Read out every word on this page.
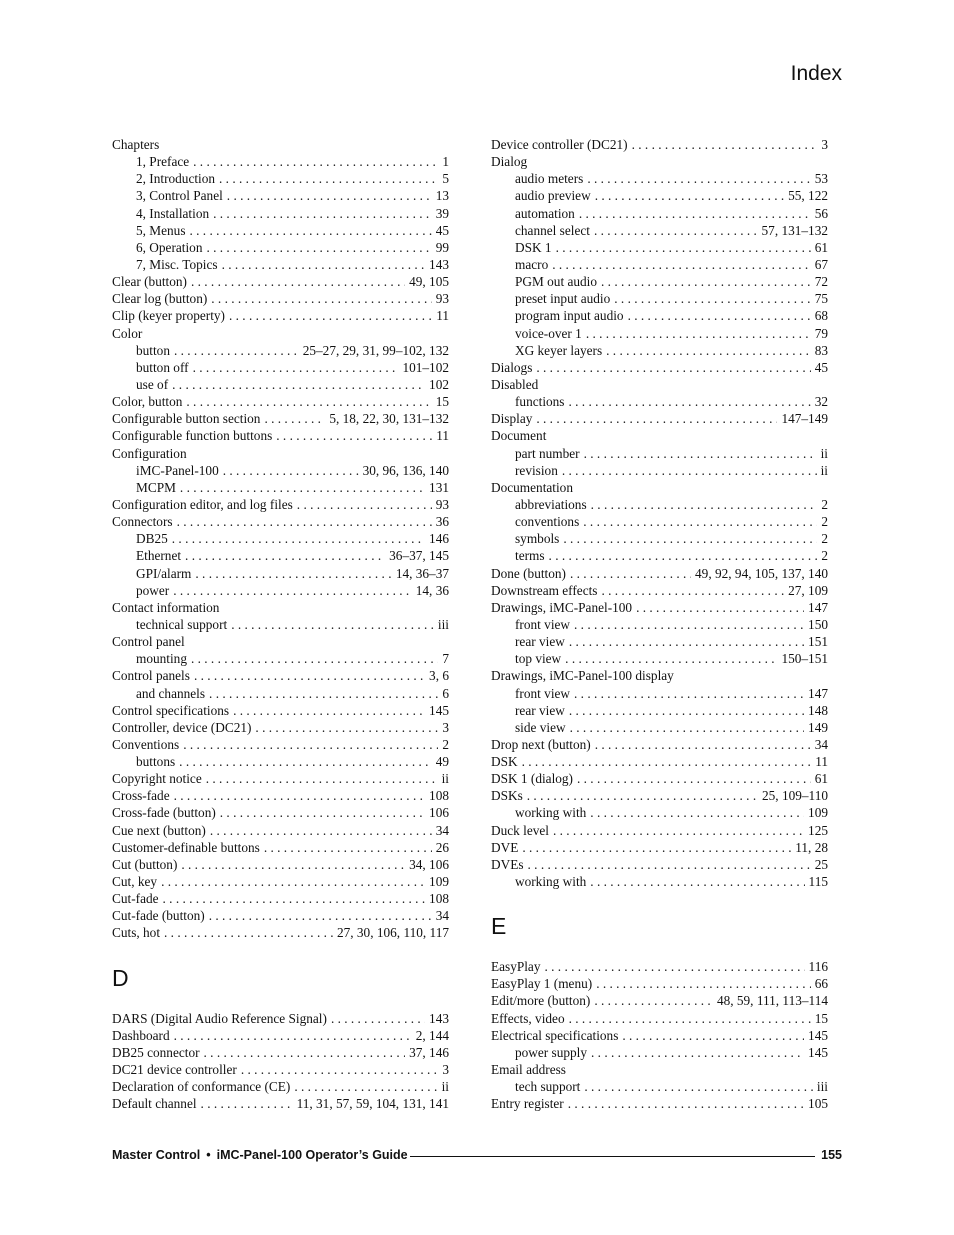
Index
Chapters
1, Preface . . .	1
2, Introduction . . .	5
3, Control Panel . . .	13
4, Installation . . .	39
5, Menus . . .	45
6, Operation . . .	99
7, Misc. Topics . . .	143
Clear (button) . . .	49, 105
Clear log (button) . . .	93
Clip (keyer property) . . .	11
Color
button . . .	25–27, 29, 31, 99–102, 132
button off . . .	101–102
use of . . .	102
Color, button . . .	15
Configurable button section . . .	5, 18, 22, 30, 131–132
Configurable function buttons . . .	11
Configuration
iMC-Panel-100 . . .	30, 96, 136, 140
MCPM . . .	131
Configuration editor, and log files . . .	93
Connectors . . .	36
DB25 . . .	146
Ethernet . . .	36–37, 145
GPI/alarm . . .	14, 36–37
power . . .	14, 36
Contact information
technical support . . .	iii
Control panel
mounting . . .	7
Control panels . . .	3, 6
and channels . . .	6
Control specifications . . .	145
Controller, device (DC21) . . .	3
Conventions . . .	2
buttons . . .	49
Copyright notice . . .	ii
Cross-fade . . .	108
Cross-fade (button) . . .	106
Cue next (button) . . .	34
Customer-definable buttons . . .	26
Cut (button) . . .	34, 106
Cut, key . . .	109
Cut-fade . . .	108
Cut-fade (button) . . .	34
Cuts, hot . . .	27, 30, 106, 110, 117
D
DARS (Digital Audio Reference Signal) . . .	143
Dashboard . . .	2, 144
DB25 connector . . .	37, 146
DC21 device controller . . .	3
Declaration of conformance (CE) . . .	ii
Default channel . . .	11, 31, 57, 59, 104, 131, 141
Device controller (DC21) . . .	3
Dialog
audio meters . . .	53
audio preview . . .	55, 122
automation . . .	56
channel select . . .	57, 131–132
DSK 1 . . .	61
macro . . .	67
PGM out audio . . .	72
preset input audio . . .	75
program input audio . . .	68
voice-over 1 . . .	79
XG keyer layers . . .	83
Dialogs . . .	45
Disabled
functions . . .	32
Display . . .	147–149
Document
part number . . .	ii
revision . . .	ii
Documentation
abbreviations . . .	2
conventions . . .	2
symbols . . .	2
terms . . .	2
Done (button) . . .	49, 92, 94, 105, 137, 140
Downstream effects . . .	27, 109
Drawings, iMC-Panel-100 . . .	147
front view . . .	150
rear view . . .	151
top view . . .	150–151
Drawings, iMC-Panel-100 display
front view . . .	147
rear view . . .	148
side view . . .	149
Drop next (button) . . .	34
DSK . . .	11
DSK 1 (dialog) . . .	61
DSKs . . .	25, 109–110
working with . . .	109
Duck level . . .	125
DVE . . .	11, 28
DVEs . . .	25
working with . . .	115
E
EasyPlay . . .	116
EasyPlay 1 (menu) . . .	66
Edit/more (button) . . .	48, 59, 111, 113–114
Effects, video . . .	15
Electrical specifications . . .	145
power supply . . .	145
Email address
tech support . . .	iii
Entry register . . .	105
Master Control • iMC-Panel-100 Operator’s Guide	155
